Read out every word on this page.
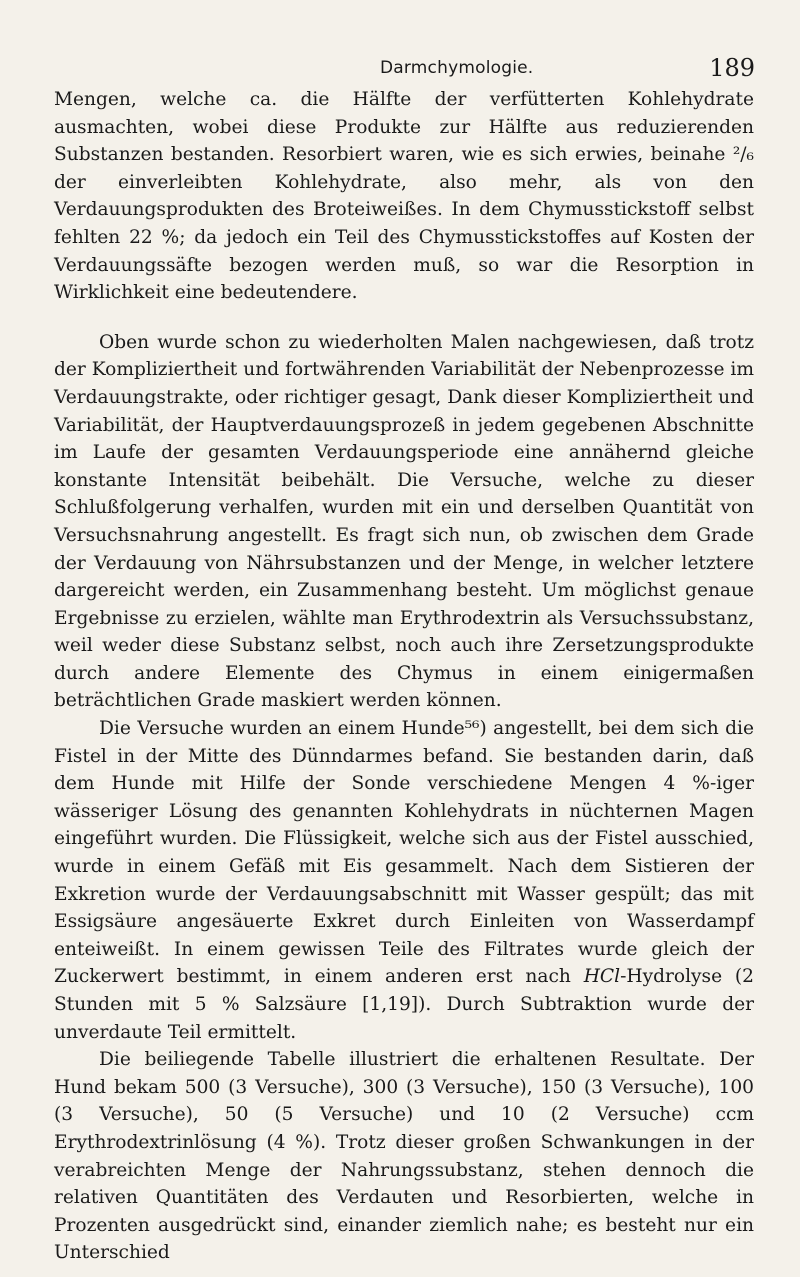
Darmchymologie.	189

Mengen, welche ca. die Hälfte der verfütterten Kohlehydrate ausmachten, wobei diese Produkte zur Hälfte aus reduzierenden Substanzen bestanden. Resorbiert waren, wie es sich erwies, beinahe ²/₆ der einverleibten Kohlehydrate, also mehr, als von den Verdauungsprodukten des Broteiweißes. In dem Chymusstickstoff selbst fehlten 22 %; da jedoch ein Teil des Chymusstickstoffes auf Kosten der Verdauungssäfte bezogen werden muß, so war die Resorption in Wirklichkeit eine bedeutendere.

Oben wurde schon zu wiederholten Malen nachgewiesen, daß trotz der Kompliziertheit und fortwährenden Variabilität der Nebenprozesse im Verdauungstrakte, oder richtiger gesagt, Dank dieser Kompliziertheit und Variabilität, der Hauptverdauungsprozeß in jedem gegebenen Abschnitte im Laufe der gesamten Verdauungsperiode eine annähernd gleiche konstante Intensität beibehält. Die Versuche, welche zu dieser Schlußfolgerung verhalfen, wurden mit ein und derselben Quantität von Versuchsnahrung angestellt. Es fragt sich nun, ob zwischen dem Grade der Verdauung von Nährsubstanzen und der Menge, in welcher letztere dargereicht werden, ein Zusammenhang besteht. Um möglichst genaue Ergebnisse zu erzielen, wählte man Erythrodextrin als Versuchssubstanz, weil weder diese Substanz selbst, noch auch ihre Zersetzungsprodukte durch andere Elemente des Chymus in einem einigermaßen beträchtlichen Grade maskiert werden können.

Die Versuche wurden an einem Hunde⁵⁶) angestellt, bei dem sich die Fistel in der Mitte des Dünndarmes befand. Sie bestanden darin, daß dem Hunde mit Hilfe der Sonde verschiedene Mengen 4 %-iger wässeriger Lösung des genannten Kohlehydrats in nüchternen Magen eingeführt wurden. Die Flüssigkeit, welche sich aus der Fistel ausschied, wurde in einem Gefäß mit Eis gesammelt. Nach dem Sistieren der Exkretion wurde der Verdauungsabschnitt mit Wasser gespült; das mit Essigsäure angesäuerte Exkret durch Einleiten von Wasserdampf enteiweißt. In einem gewissen Teile des Filtrates wurde gleich der Zuckerwert bestimmt, in einem anderen erst nach HCl-Hydrolyse (2 Stunden mit 5 % Salzsäure [1,19]). Durch Subtraktion wurde der unverdaute Teil ermittelt.

Die beiliegende Tabelle illustriert die erhaltenen Resultate. Der Hund bekam 500 (3 Versuche), 300 (3 Versuche), 150 (3 Versuche), 100 (3 Versuche), 50 (5 Versuche) und 10 (2 Versuche) ccm Erythrodextrinlösung (4 %). Trotz dieser großen Schwankungen in der verabreichten Menge der Nahrungssubstanz, stehen dennoch die relativen Quantitäten des Verdauten und Resorbierten, welche in Prozenten ausgedrückt sind, einander ziemlich nahe; es besteht nur ein Unterschied
